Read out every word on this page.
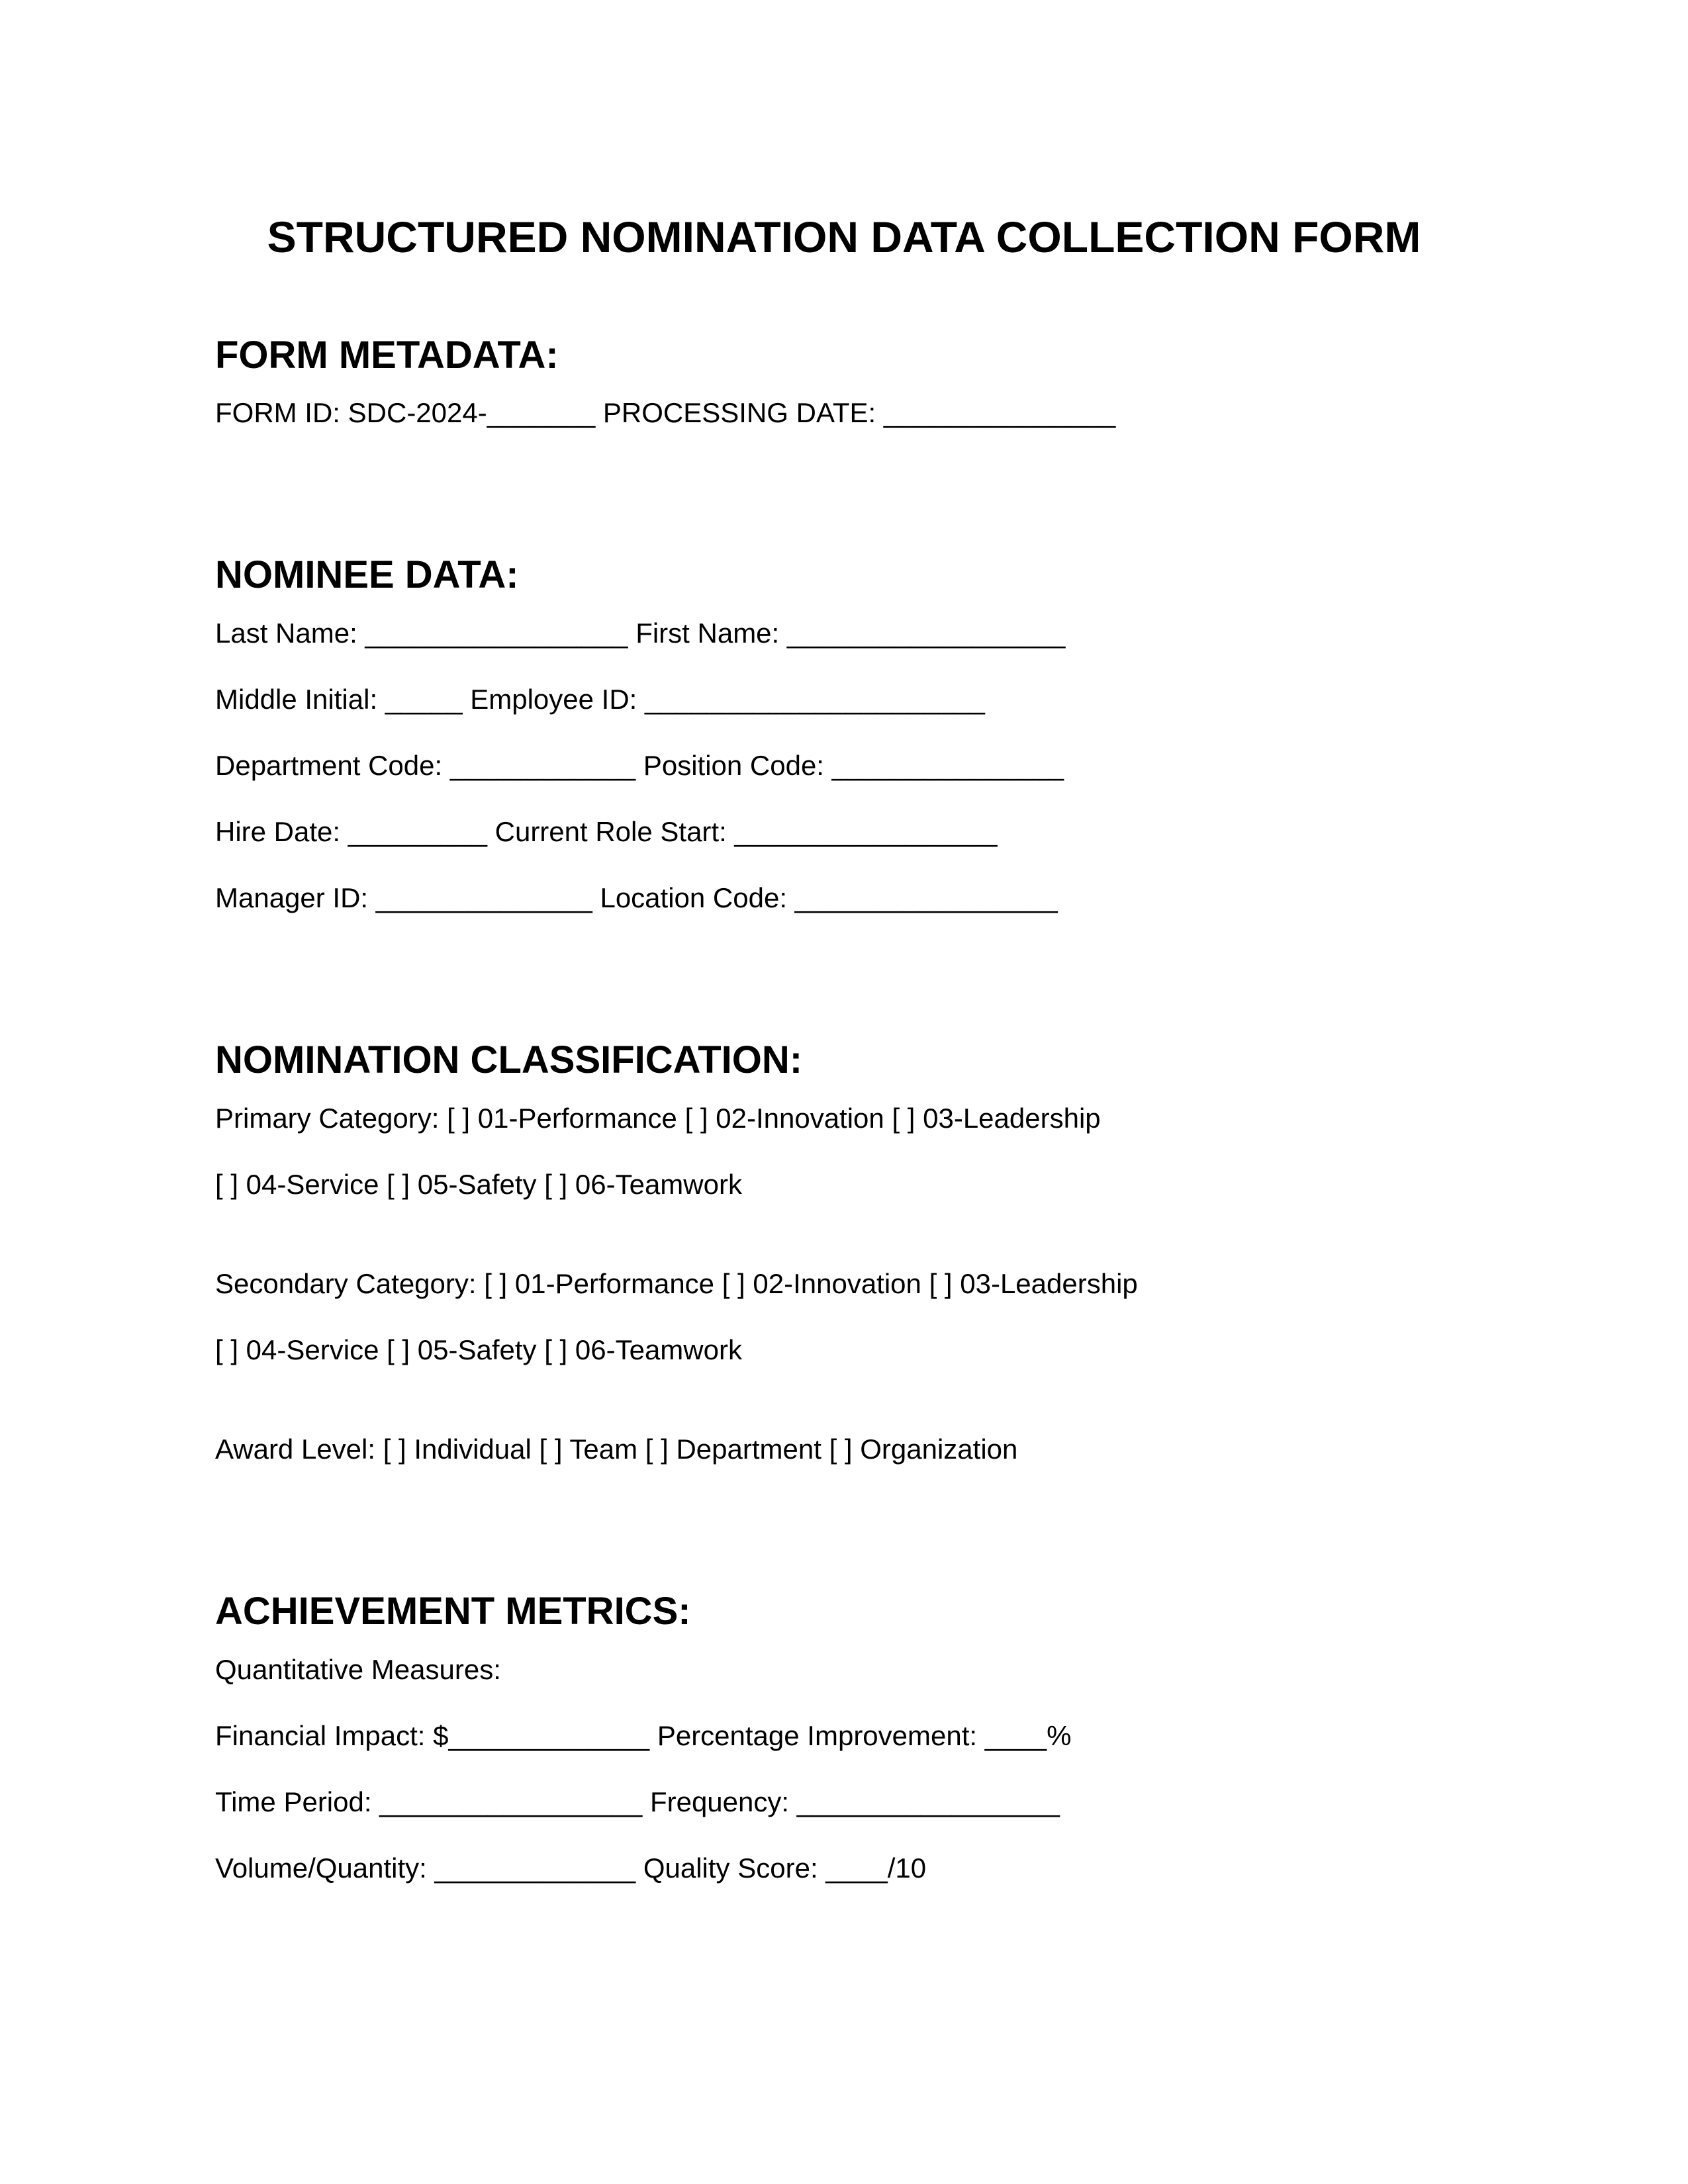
STRUCTURED NOMINATION DATA COLLECTION FORM
FORM METADATA:

FORM ID: SDC-2024-_______ PROCESSING DATE: _______________

NOMINEE DATA:

Last Name: _________________ First Name: __________________

Middle Initial: _____ Employee ID: ______________________

Department Code: ____________ Position Code: _______________

Hire Date: _________ Current Role Start: _________________

Manager ID: ______________ Location Code: _________________

NOMINATION CLASSIFICATION:

Primary Category: [ ] 01-Performance [ ] 02-Innovation [ ] 03-Leadership

[ ] 04-Service [ ] 05-Safety [ ] 06-Teamwork

Secondary Category: [ ] 01-Performance [ ] 02-Innovation [ ] 03-Leadership

[ ] 04-Service [ ] 05-Safety [ ] 06-Teamwork

Award Level: [ ] Individual [ ] Team [ ] Department [ ] Organization

ACHIEVEMENT METRICS:

Quantitative Measures:

Financial Impact: $_____________ Percentage Improvement: ____%

Time Period: _________________ Frequency: _________________

Volume/Quantity: _____________ Quality Score: ____/10
